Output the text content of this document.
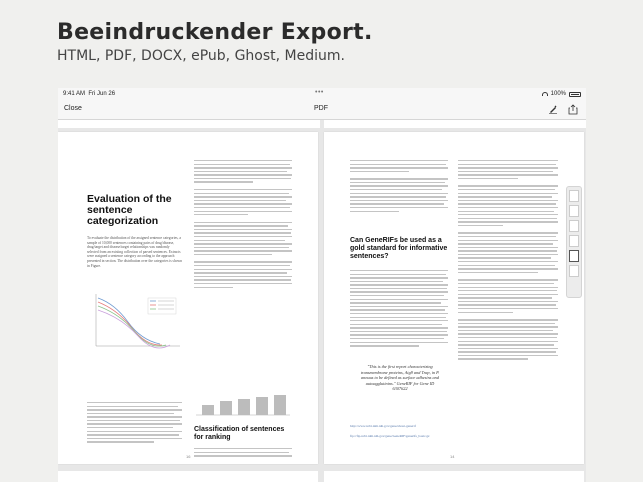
Beeindruckender Export.
HTML, PDF, DOCX, ePub, Ghost, Medium.
9:41 AM Fri Jun 26	•••	100%
Close	PDF
Evaluation of the sentence categorization
To evaluate the distribution of the assigned sentence categories, a sample of 10,000 sentences containing pairs of drug/disease, drug/target and disease/target relationships was randomly selected from an existing collection of parsed sentences. Extracts were assigned a sentence category according to the approach presented in section. The distribution over the categories is shown in Figure.
Classification of sentences for ranking
16
Can GeneRIFs be used as a gold standard for informative sentences?
"This is the first report characterizing transmembrane proteins, Atg9 and Trap, in P. annuus to be defined as surface adhesins and autoagglutinins." GeneRIF for Gene ID 6307622
http://www.ncbi.nlm.nih.gov/gene/about-generif
ftp://ftp.ncbi.nlm.nih.gov/gene/GeneRIF/generifs_basic.gz
14
